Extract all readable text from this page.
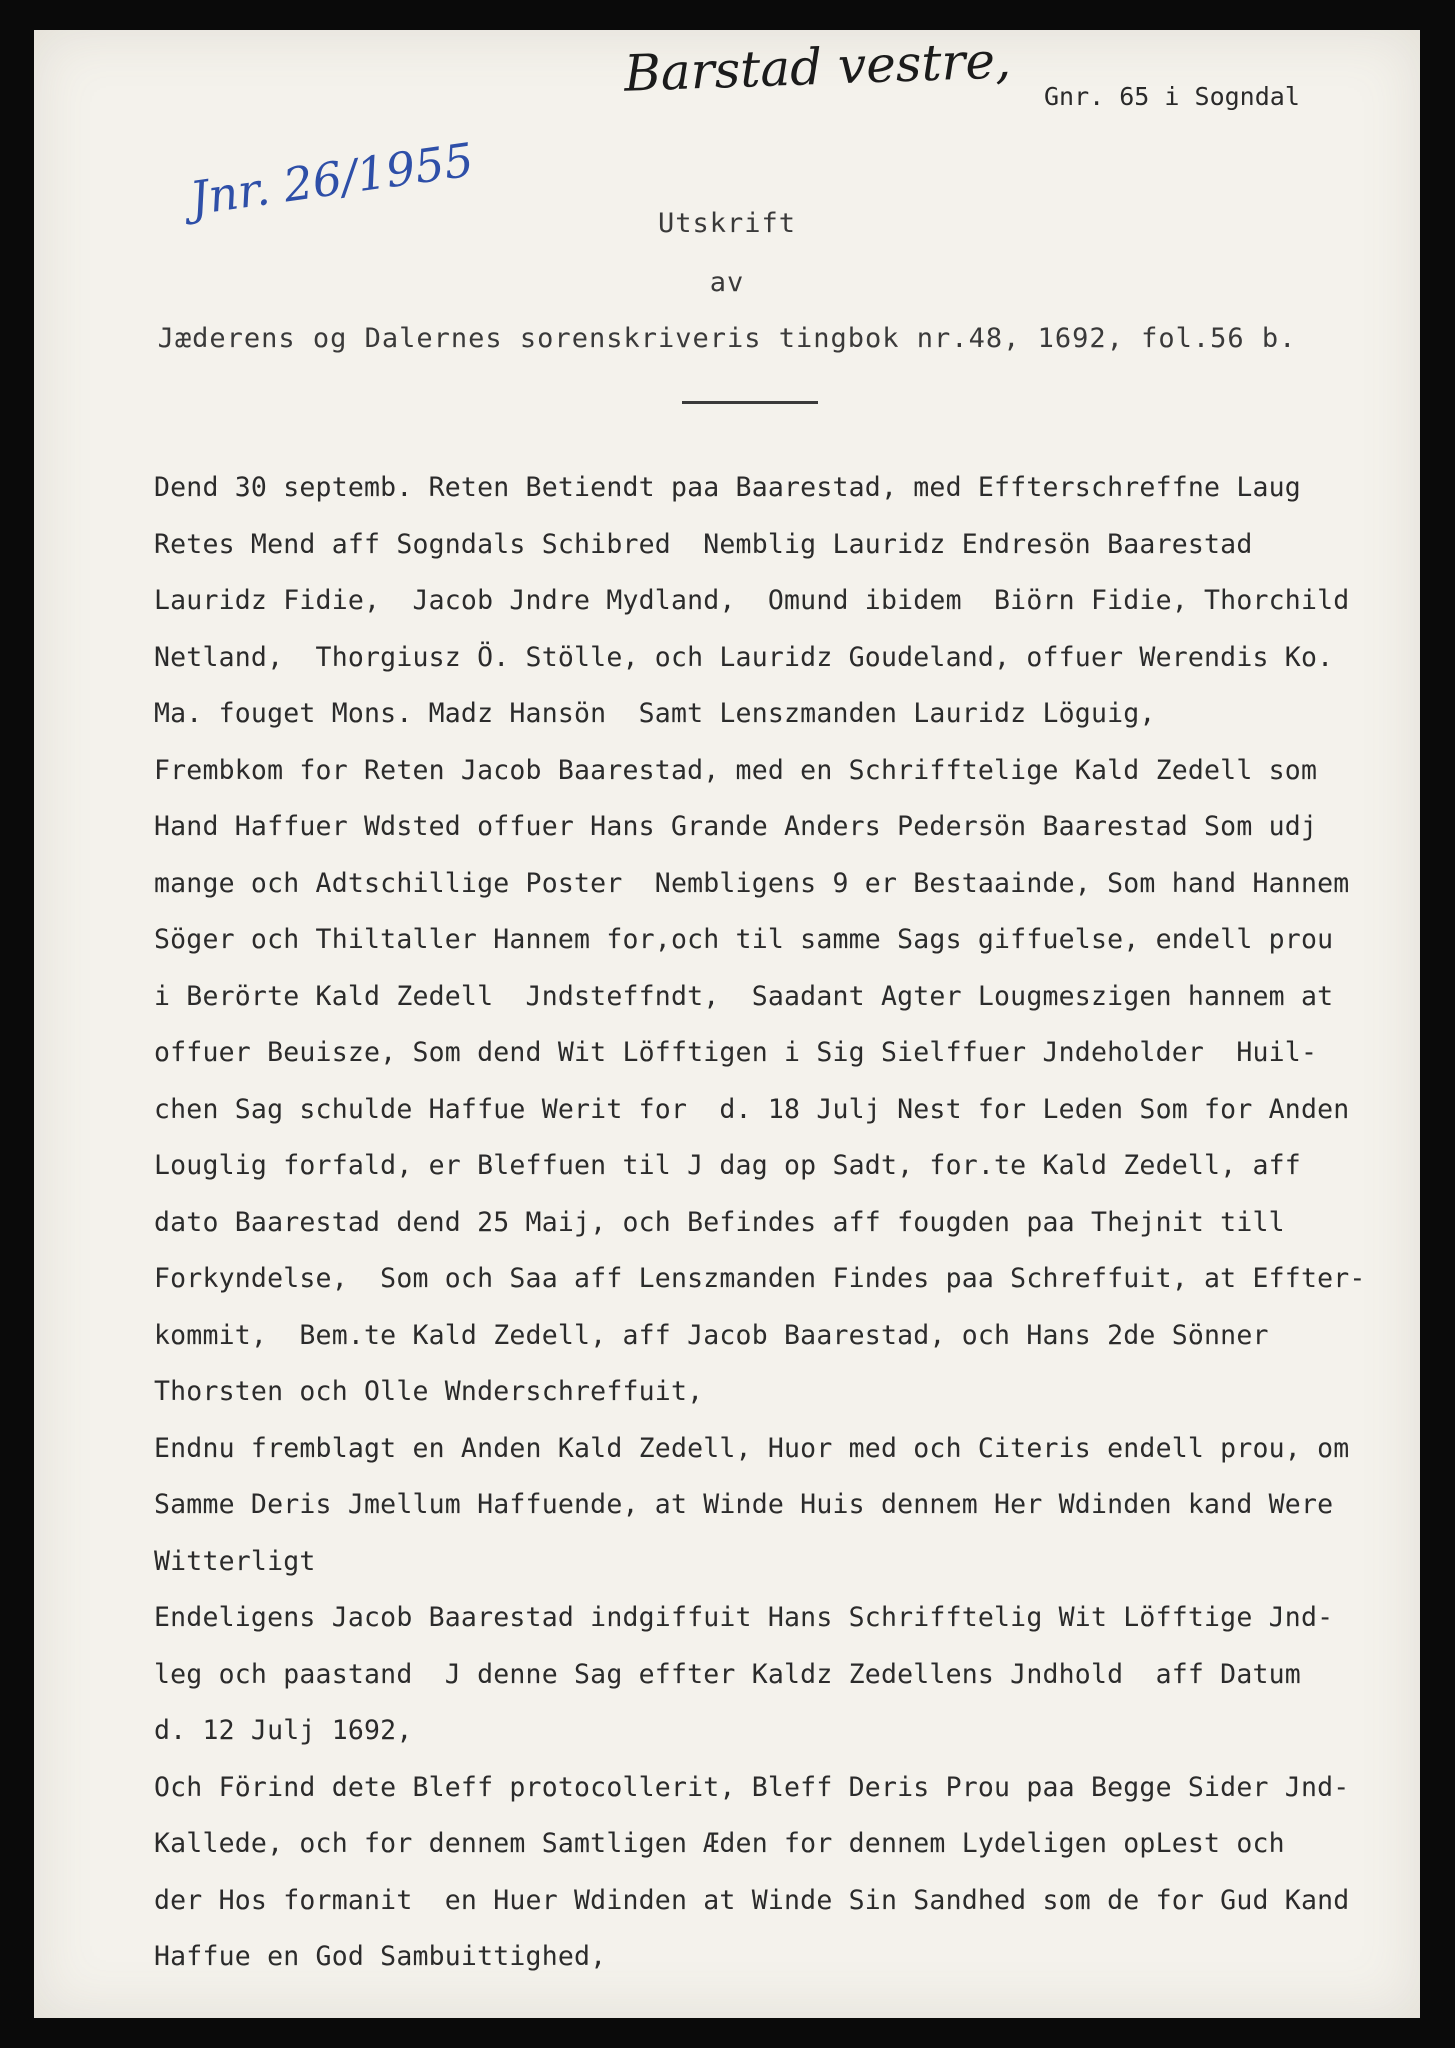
Barstad vestre, Gnr. 65 i Sogndal
Jnr. 26/1955	Utskrift
av
Jæderens og Dalernes sorenskriveris tingbok nr.48, 1692, fol.56 b.
Dend 30 septemb. Reten Betiendt paa Baarestad, med Effterschreffne Laug
Retes Mend aff Sogndals Schibred  Nemblig Lauridz Endresön Baarestad
Lauridz Fidie,  Jacob Jndre Mydland,  Omund ibidem  Biörn Fidie, Thorchild
Netland,  Thorgiusz Ö. Stölle, och Lauridz Goudeland, offuer Werendis Ko.
Ma. fouget Mons. Madz Hansön  Samt Lenszmanden Lauridz Löguig,
Frembkom for Reten Jacob Baarestad, med en Schrifftelige Kald Zedell som
Hand Haffuer Wdsted offuer Hans Grande Anders Pedersön Baarestad Som udj
mange och Adtschillige Poster  Nembligens 9 er Bestaainde, Som hand Hannem
Söger och Thiltaller Hannem for,och til samme Sags giffuelse, endell prou
i Berörte Kald Zedell  Jndsteffndt,  Saadant Agter Lougmeszigen hannem at
offuer Beuisze, Som dend Wit Löfftigen i Sig Sielffuer Jndeholder  Huil-
chen Sag schulde Haffue Werit for  d. 18 Julj Nest for Leden Som for Anden
Louglig forfald, er Bleffuen til J dag op Sadt, for.te Kald Zedell, aff
dato Baarestad dend 25 Maij, och Befindes aff fougden paa Thejnit till
Forkyndelse,  Som och Saa aff Lenszmanden Findes paa Schreffuit, at Effter-
kommit,  Bem.te Kald Zedell, aff Jacob Baarestad, och Hans 2de Sönner
Thorsten och Olle Wnderschreffuit,
Endnu fremblagt en Anden Kald Zedell, Huor med och Citeris endell prou, om
Samme Deris Jmellum Haffuende, at Winde Huis dennem Her Wdinden kand Were
Witterligt
Endeligens Jacob Baarestad indgiffuit Hans Schrifftelig Wit Löfftige Jnd-
leg och paastand  J denne Sag effter Kaldz Zedellens Jndhold  aff Datum
d. 12 Julj 1692,
Och Förind dete Bleff protocollerit, Bleff Deris Prou paa Begge Sider Jnd-
Kallede, och for dennem Samtligen Æden for dennem Lydeligen opLest och
der Hos formanit  en Huer Wdinden at Winde Sin Sandhed som de for Gud Kand
Haffue en God Sambuittighed,
